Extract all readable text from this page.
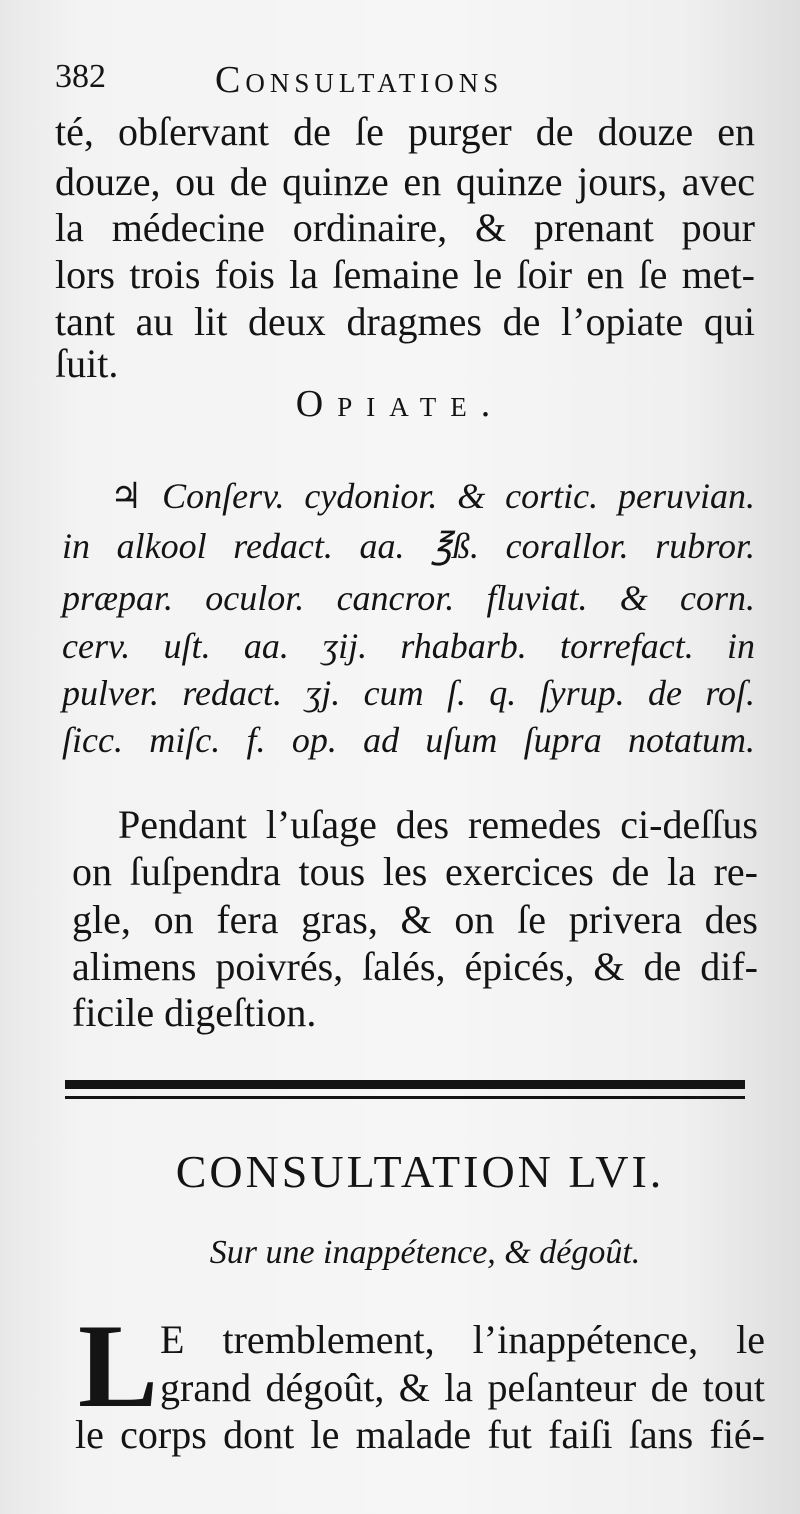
382	Consultations
té, obſervant de ſe purger de douze en
douze, ou de quinze en quinze jours, avec
la médecine ordinaire, & prenant pour
lors trois fois la ſemaine le ſoir en ſe met-
tant au lit deux dragmes de l’opiate qui
ſuit.
Opiate.
♃ Conſerv. cydonior. & cortic. peruvian.
in alkool redact. aa. ℥ß. corallor. rubror.
præpar. oculor. cancror. fluviat. & corn.
cerv. uſt. aa. ʒij. rhabarb. torrefact. in
pulver. redact. ʒj. cum ſ. q. ſyrup. de roſ.
ſicc. miſc. f. op. ad uſum ſupra notatum.
Pendant l’uſage des remedes ci-deſſus
on ſuſpendra tous les exercices de la re-
gle, on fera gras, & on ſe privera des
alimens poivrés, ſalés, épicés, & de dif-
ficile digeſtion.
CONSULTATION LVI.
Sur une inappétence, & dégoût.
L E tremblement, l’inappétence, le
grand dégoût, & la peſanteur de tout
le corps dont le malade fut faiſi ſans fié-
